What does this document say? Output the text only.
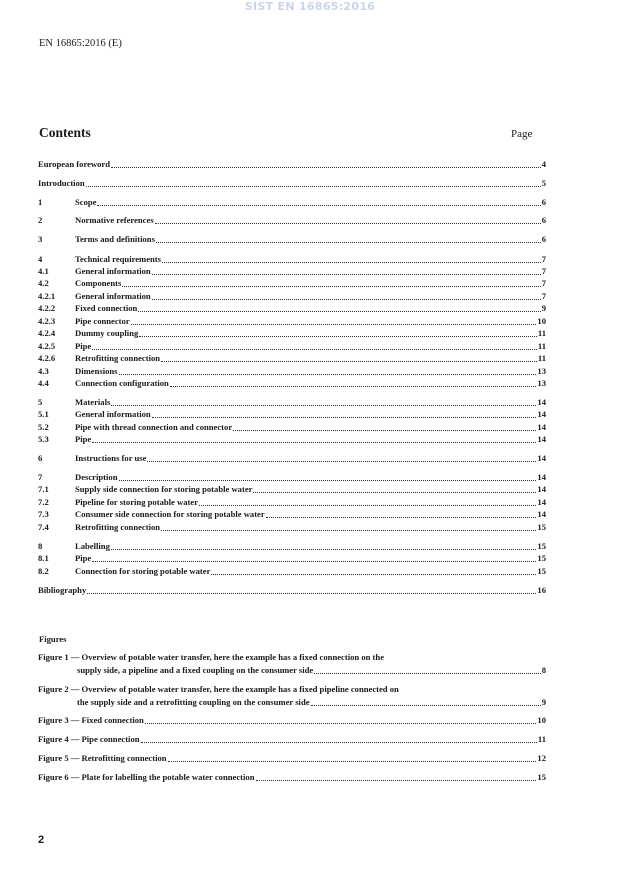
SIST EN 16865:2016
EN 16865:2016 (E)
Contents	Page
European foreword	4
Introduction	5
1	Scope	6
2	Normative references	6
3	Terms and definitions	6
4	Technical requirements	7
4.1	General information	7
4.2	Components	7
4.2.1 General information	7
4.2.2 Fixed connection	9
4.2.3 Pipe connector	10
4.2.4 Dummy coupling	11
4.2.5 Pipe	11
4.2.6 Retrofitting connection	11
4.3	Dimensions	13
4.4	Connection configuration	13
5	Materials	14
5.1	General information	14
5.2	Pipe with thread connection and connector	14
5.3	Pipe	14
6	Instructions for use	14
7	Description	14
7.1	Supply side connection for storing potable water	14
7.2	Pipeline for storing potable water	14
7.3	Consumer side connection for storing potable water	14
7.4	Retrofitting connection	15
8	Labelling	15
8.1	Pipe	15
8.2	Connection for storing potable water	15
Bibliography	16
Figures
Figure 1 — Overview of potable water transfer, here the example has a fixed connection on the
supply side, a pipeline and a fixed coupling on the consumer side	8
Figure 2 — Overview of potable water transfer, here the example has a fixed pipeline connected on
the supply side and a retrofitting coupling on the consumer side	9
Figure 3 — Fixed connection	10
Figure 4 — Pipe connection	11
Figure 5 — Retrofitting connection	12
Figure 6 — Plate for labelling the potable water connection	15
2
